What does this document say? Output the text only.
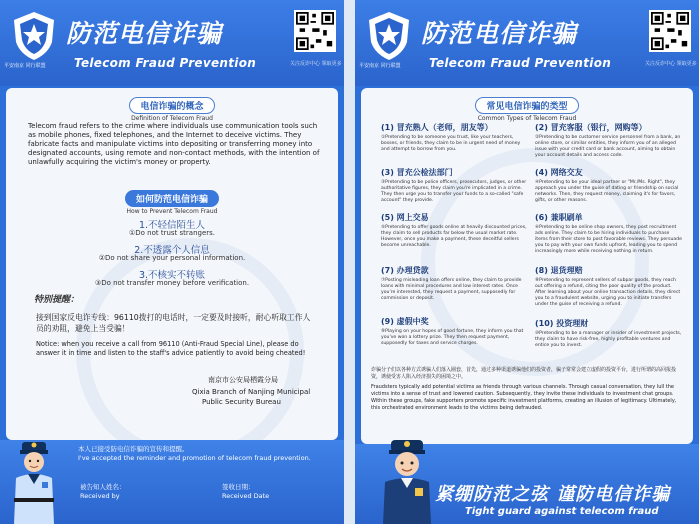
平安南京 同行联盟
防范电信诈骗
Telecom Fraud Prevention	关注反诈中心 领取更多
电信诈骗的概念
Definition of Telecom Fraud
Telecom fraud refers to the crime where individuals use communication tools such as mobile phones, fixed telephones, and the Internet to deceive victims. They fabricate facts and manipulate victims into depositing or transferring money into designated accounts, using remote and non-contact methods, with the intention of unlawfully acquiring the victim's money or property.
如何防范电信诈骗
How to Prevent Telecom Fraud
1.不轻信陌生人
①Do not trust strangers.
2.不透露个人信息
②Do not share your personal information.
3.不核实不转账
③Do not transfer money before verification.
特别提醒：
接到国家反电诈专线：96110拨打的电话时，一定要及时接听，耐心听取工作人员的劝阻，避免上当受骗！
Notice: when you receive a call from 96110 (Anti-Fraud Special Line), please do answer it in time and listen to the staff's advice patiently to avoid being cheated!
南京市公安局栖霞分局
Qixia Branch of Nanjing Municipal
Public Security Bureau
本人已接受防电信诈骗的宣传和提醒。
I've accepted the reminder and promotion of telecom fraud prevention.
被告知人姓名：
Received by
签收日期：
Received Date
平安南京 同行联盟
防范电信诈骗
Telecom Fraud Prevention	关注反诈中心 领取更多
常见电信诈骗的类型
Common Types of Telecom Fraud
(1) 冒充熟人（老师，朋友等）
①Pretending to be someone you trust, like your teachers, bosses, or friends, they claim to be in urgent need of money and attempt to borrow from you.
(2) 冒充客服（银行，网购等）
②Pretending to be customer service personnel from a bank, an online store, or similar entities, they inform you of an alleged issue with your credit card or bank account, aiming to obtain your account details and access code.
(3) 冒充公检法部门
③Pretending to be police officers, prosecutors, judges, or other authoritative figures, they claim you're implicated in a crime. They then urge you to transfer your funds to a so-called "safe account" they provide.
(4) 网络交友
④Pretending to be your ideal partner or "Mr./Ms. Right", they approach you under the guise of dating or friendship on social networks. Then, they request money, claiming it's for favors, gifts, or other reasons.
(5) 网上交易
⑤Pretending to offer goods online at heavily discounted prices, they claim to sell products far below the usual market rate. However, once you make a payment, these deceitful sellers become unreachable.
(6) 兼职刷单
⑥Pretending to be online shop owners, they post recruitment ads online. They claim to be hiring individuals to purchase items from their store to post favorable reviews. They persuade you to pay with your own funds upfront, leading you to spend increasingly more while receiving nothing in return.
(7) 办理贷款
⑦Posting misleading loan offers online, they claim to provide loans with minimal procedures and low interest rates. Once you're interested, they request a payment, supposedly for commission or deposit.
(8) 退货理赔
⑧Pretending to represent sellers of subpar goods, they reach out offering a refund, citing the poor quality of the product. After learning about your online transaction details, they direct you to a fraudulent website, urging you to initiate transfers under the guise of receiving a refund.
(9) 虚假中奖
⑨Playing on your hopes of good fortune, they inform you that you've won a lottery prize. They then request payment, supposedly for taxes and service charges.
(10) 投资理财
⑩Pretending to be a manager or insider of investment projects, they claim to have risk-free, highly profitable ventures and entice you to invest.
诈骗分子们以各种方式诱骗人们落入圈套，首先，通过多种渠道诱骗他们的投资者，骗子常常会建立虚假的投资平台，进行所谓的高回报投资，诱使受害人陷入经济损失的困境之中。
Fraudsters typically add potential victims as friends through various channels. Through casual conversation, they lull the victims into a sense of trust and lowered caution. Subsequently, they invite these individuals to investment chat groups. Within these groups, fake supporters promote specific investment platforms, creating an illusion of legitimacy. Ultimately, this orchestrated environment leads to the victims being defrauded.
紧绷防范之弦 谨防电信诈骗
Tight guard against telecom fraud
